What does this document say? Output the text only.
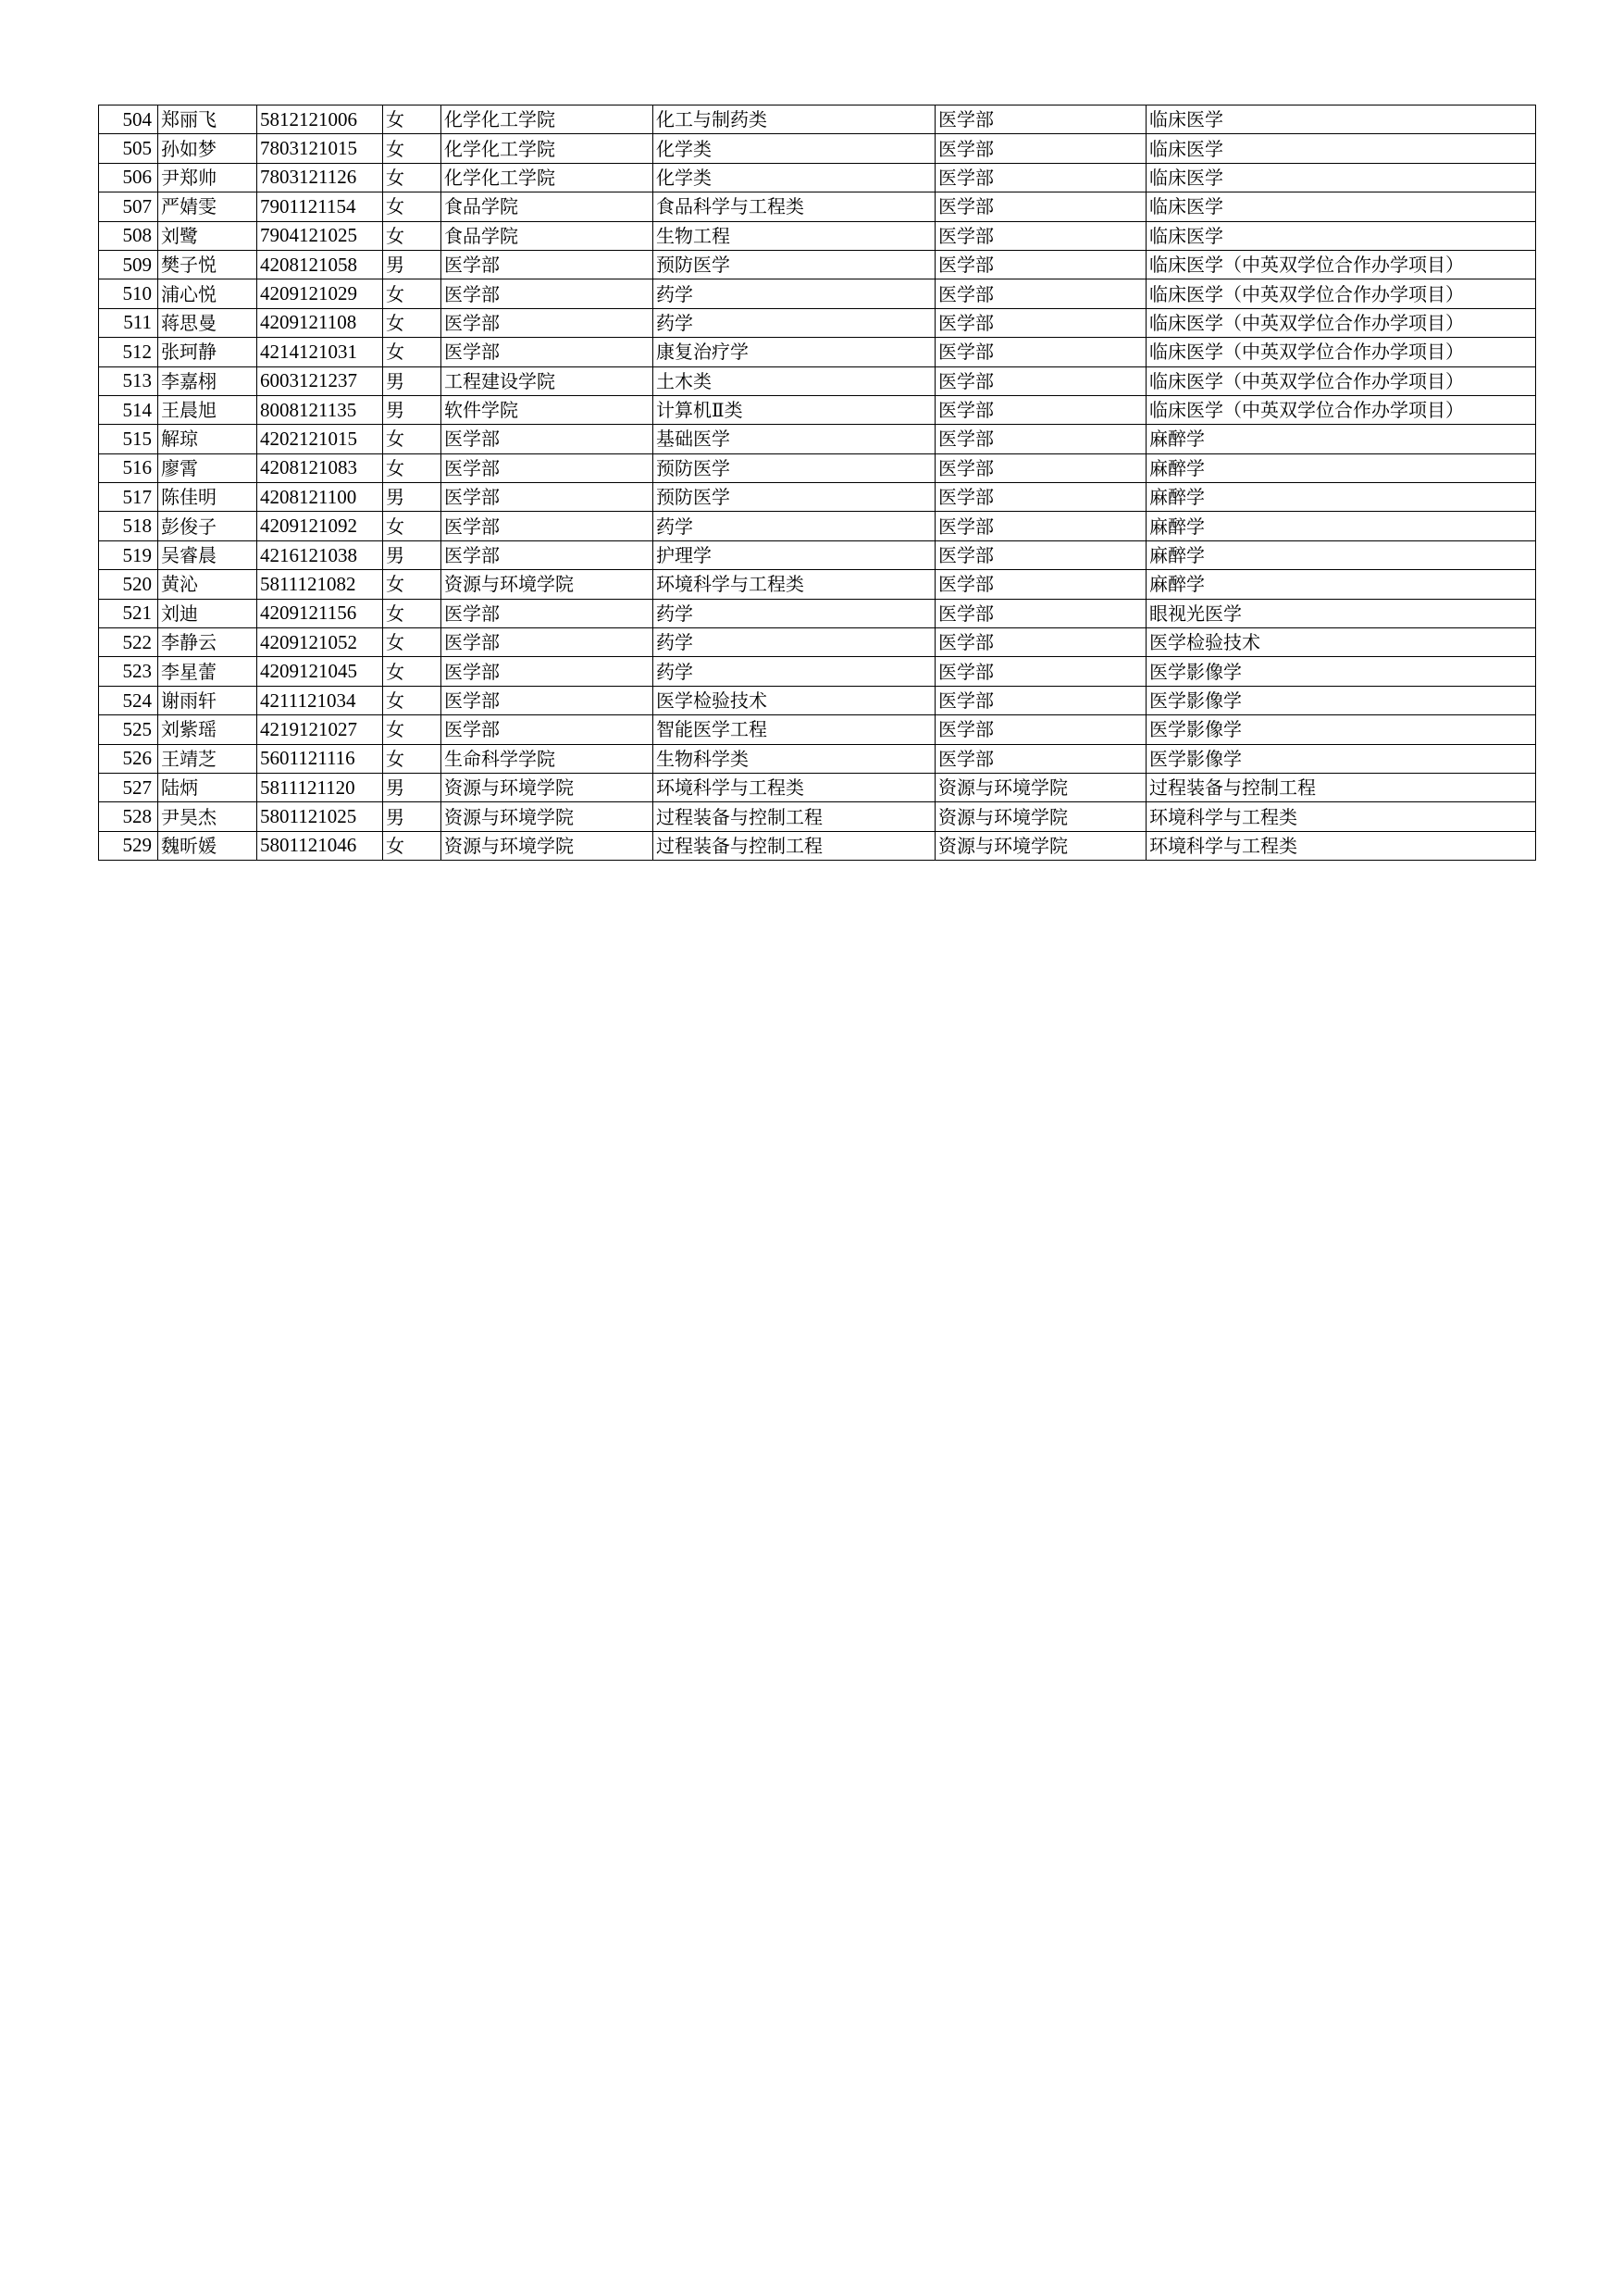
504	郑丽飞	5812121006	女	化学化工学院	化工与制药类	医学部	临床医学
505	孙如梦	7803121015	女	化学化工学院	化学类	医学部	临床医学
506	尹郑帅	7803121126	女	化学化工学院	化学类	医学部	临床医学
507	严婧雯	7901121154	女	食品学院	食品科学与工程类	医学部	临床医学
508	刘鹭	7904121025	女	食品学院	生物工程	医学部	临床医学
509	樊子悦	4208121058	男	医学部	预防医学	医学部	临床医学（中英双学位合作办学项目）
510	浦心悦	4209121029	女	医学部	药学	医学部	临床医学（中英双学位合作办学项目）
511	蒋思曼	4209121108	女	医学部	药学	医学部	临床医学（中英双学位合作办学项目）
512	张珂静	4214121031	女	医学部	康复治疗学	医学部	临床医学（中英双学位合作办学项目）
513	李嘉栩	6003121237	男	工程建设学院	土木类	医学部	临床医学（中英双学位合作办学项目）
514	王晨旭	8008121135	男	软件学院	计算机Ⅱ类	医学部	临床医学（中英双学位合作办学项目）
515	解琼	4202121015	女	医学部	基础医学	医学部	麻醉学
516	廖霄	4208121083	女	医学部	预防医学	医学部	麻醉学
517	陈佳明	4208121100	男	医学部	预防医学	医学部	麻醉学
518	彭俊子	4209121092	女	医学部	药学	医学部	麻醉学
519	吴睿晨	4216121038	男	医学部	护理学	医学部	麻醉学
520	黄沁	5811121082	女	资源与环境学院	环境科学与工程类	医学部	麻醉学
521	刘迪	4209121156	女	医学部	药学	医学部	眼视光医学
522	李静云	4209121052	女	医学部	药学	医学部	医学检验技术
523	李星蕾	4209121045	女	医学部	药学	医学部	医学影像学
524	谢雨轩	4211121034	女	医学部	医学检验技术	医学部	医学影像学
525	刘紫瑶	4219121027	女	医学部	智能医学工程	医学部	医学影像学
526	王靖芝	5601121116	女	生命科学学院	生物科学类	医学部	医学影像学
527	陆炳	5811121120	男	资源与环境学院	环境科学与工程类	资源与环境学院	过程装备与控制工程
528	尹昊杰	5801121025	男	资源与环境学院	过程装备与控制工程	资源与环境学院	环境科学与工程类
529	魏昕媛	5801121046	女	资源与环境学院	过程装备与控制工程	资源与环境学院	环境科学与工程类
